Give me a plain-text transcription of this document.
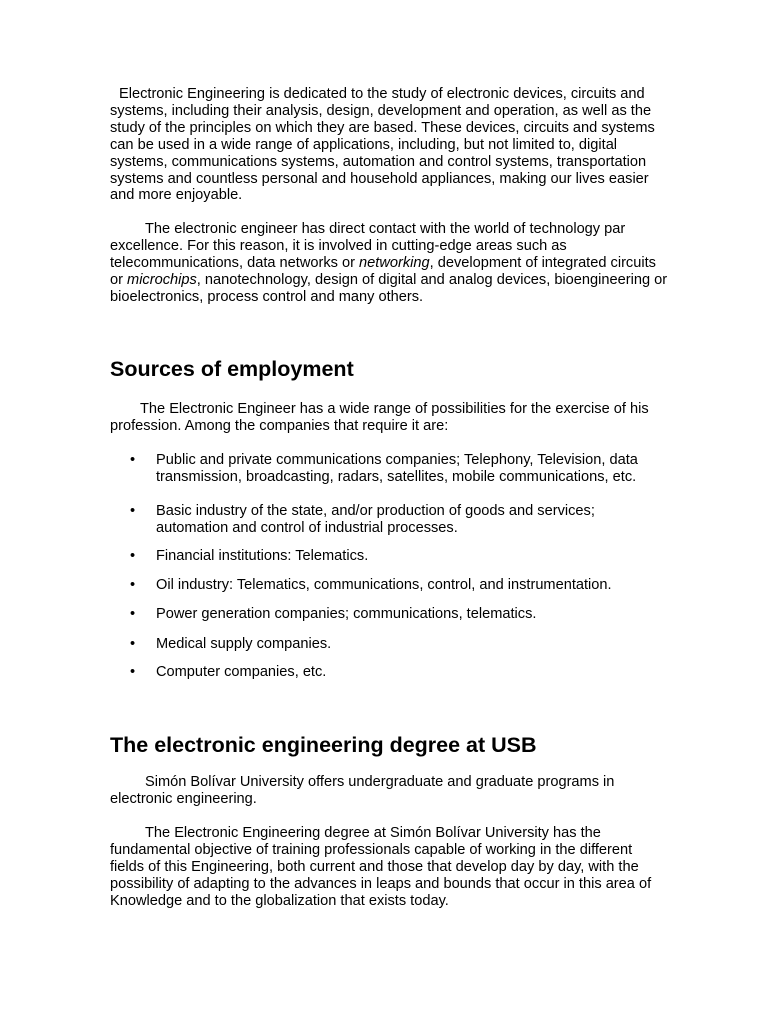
Electronic Engineering is dedicated to the study of electronic devices, circuits and systems, including their analysis, design, development and operation, as well as the study of the principles on which they are based. These devices, circuits and systems can be used in a wide range of applications, including, but not limited to, digital systems, communications systems, automation and control systems, transportation systems and countless personal and household appliances, making our lives easier and more enjoyable.

The electronic engineer has direct contact with the world of technology par excellence. For this reason, it is involved in cutting-edge areas such as telecommunications, data networks or networking, development of integrated circuits or microchips, nanotechnology, design of digital and analog devices, bioengineering or bioelectronics, process control and many others.

Sources of employment

The Electronic Engineer has a wide range of possibilities for the exercise of his profession. Among the companies that require it are:

•	Public and private communications companies; Telephony, Television, data transmission, broadcasting, radars, satellites, mobile communications, etc.
•	Basic industry of the state, and/or production of goods and services; automation and control of industrial processes.
•	Financial institutions: Telematics.
•	Oil industry: Telematics, communications, control, and instrumentation.
•	Power generation companies; communications, telematics.
•	Medical supply companies.
•	Computer companies, etc.
The electronic engineering degree at USB

Simón Bolívar University offers undergraduate and graduate programs in electronic engineering.

The Electronic Engineering degree at Simón Bolívar University has the fundamental objective of training professionals capable of working in the different fields of this Engineering, both current and those that develop day by day, with the possibility of adapting to the advances in leaps and bounds that occur in this area of Knowledge and to the globalization that exists today.
